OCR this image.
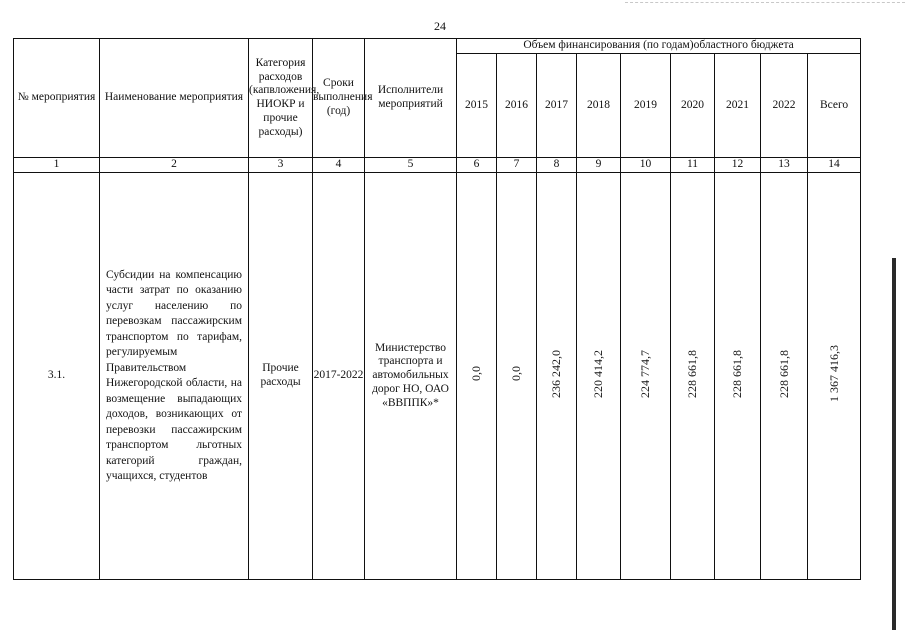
24
№ мероприятия	Наименование мероприятия	Категория расходов (капвложения, НИОКР и прочие расходы)	Сроки выполнения (год)	Исполнители мероприятий	Объем финансирования (по годам)областного бюджета								
					2015	2016	2017	2018	2019	2020	2021	2022	Всего
1	2	3	4	5	6	7	8	9	10	11	12	13	14
3.1.	Субсидии на компенсацию части затрат по оказанию услуг населению по перевозкам пассажирским транспортом по тарифам, регулируемым Правительством Нижегородской области, на возмещение выпадающих доходов, возникающих от перевозки пассажирским транспортом льготных категорий граждан, учащихся, студентов	Прочие расходы	2017-2022	Министерство транспорта и автомобильных дорог НО, ОАО «ВВППК»*	0,0	0,0	236 242,0	220 414,2	224 774,7	228 661,8	228 661,8	228 661,8	1 367 416,3
